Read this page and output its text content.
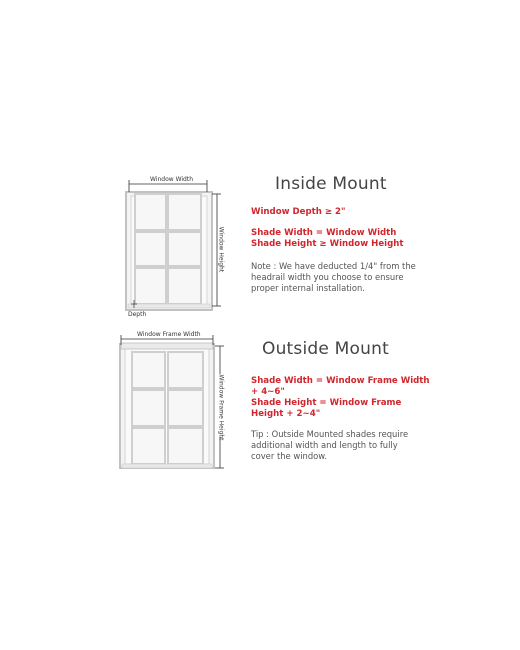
Window Width
Window Height
Depth
Window Frame Width
Window Frame Height
Inside Mount
Window Depth ≥ 2"
Shade Width = Window Width
Shade Height ≥ Window Height
Note : We have deducted 1/4" from the
headrail width you choose to ensure
proper internal installation.
Outside Mount
Shade Width = Window Frame Width
+ 4~6"
Shade Height = Window Frame
Height + 2~4"
Tip : Outside Mounted shades require
additional width and length to fully
cover the window.
